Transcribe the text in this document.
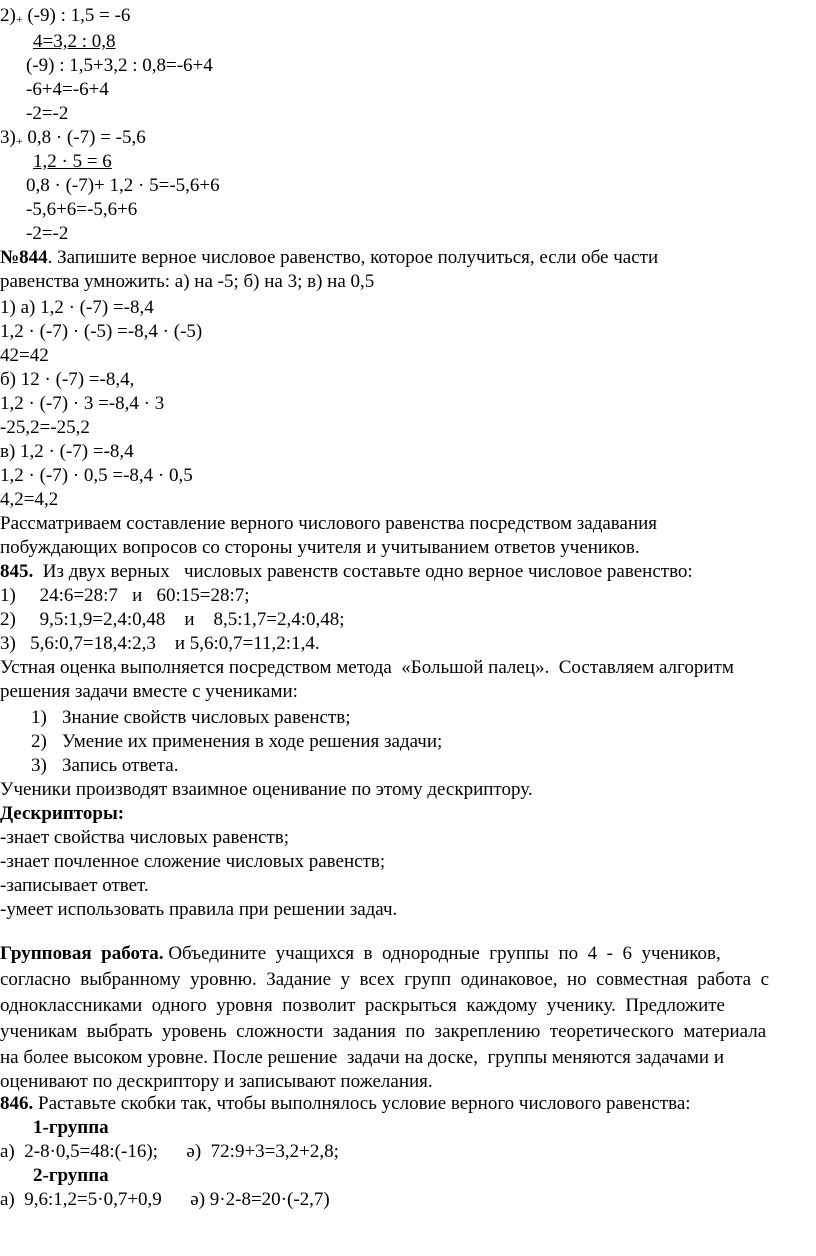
2)+ (-9) : 1,5 = -6
4=3,2 : 0,8
(-9) : 1,5+3,2 : 0,8=-6+4
-6+4=-6+4
-2=-2
3)+ 0,8 · (-7) = -5,6
1,2 · 5 = 6
0,8 · (-7)+ 1,2 · 5=-5,6+6
-5,6+6=-5,6+6
-2=-2
№844. Запишите верное числовое равенство, которое получиться, если обе части
равенства умножить: а) на -5; б) на 3; в) на 0,5
1) а) 1,2 · (-7) =-8,4
1,2 · (-7) · (-5) =-8,4 · (-5)
42=42
б) 12 · (-7) =-8,4,
1,2 · (-7) · 3 =-8,4 · 3
-25,2=-25,2
в) 1,2 · (-7) =-8,4
1,2 · (-7) · 0,5 =-8,4 · 0,5
4,2=4,2
Рассматриваем составление верного числового равенства посредством задавания
побуждающих вопросов со стороны учителя и учитыванием ответов учеников.
845.  Из двух верных   числовых равенств составьте одно верное числовое равенство:
1)     24:6=28:7   и   60:15=28:7;
2)     9,5:1,9=2,4:0,48    и    8,5:1,7=2,4:0,48;
3)   5,6:0,7=18,4:2,3    и 5,6:0,7=11,2:1,4.
Устная оценка выполняется посредством метода  «Большой палец».  Составляем алгоритм
решения задачи вместе с учениками:
1) Знание свойств числовых равенств;
2) Умение их применения в ходе решения задачи;
3) Запись ответа.
Ученики производят взаимное оценивание по этому дескриптору.
Дескрипторы:
-знает свойства числовых равенств;
-знает почленное сложение числовых равенств;
-записывает ответ.
-умеет использовать правила при решении задач.
Групповая  работа. Объедините  учащихся  в  однородные  группы  по  4  -  6  учеников,
согласно  выбранному  уровню.  Задание  у  всех  групп  одинаковое,  но  совместная  работа  с
одноклассниками  одного  уровня  позволит  раскрыться  каждому  ученику.  Предложите
ученикам  выбрать  уровень  сложности  задания  по  закреплению  теоретического  материала
на более высоком уровне. После решение  задачи на доске,  группы меняются задачами и
оценивают по дескриптору и записывают пожелания.
846. Раставьте скобки так, чтобы выполнялось условие верного числового равенства:
1-группа
а)  2-8·0,5=48:(-16);      ә)  72:9+3=3,2+2,8;
2-группа
а)  9,6:1,2=5·0,7+0,9      ә) 9·2-8=20·(-2,7)
